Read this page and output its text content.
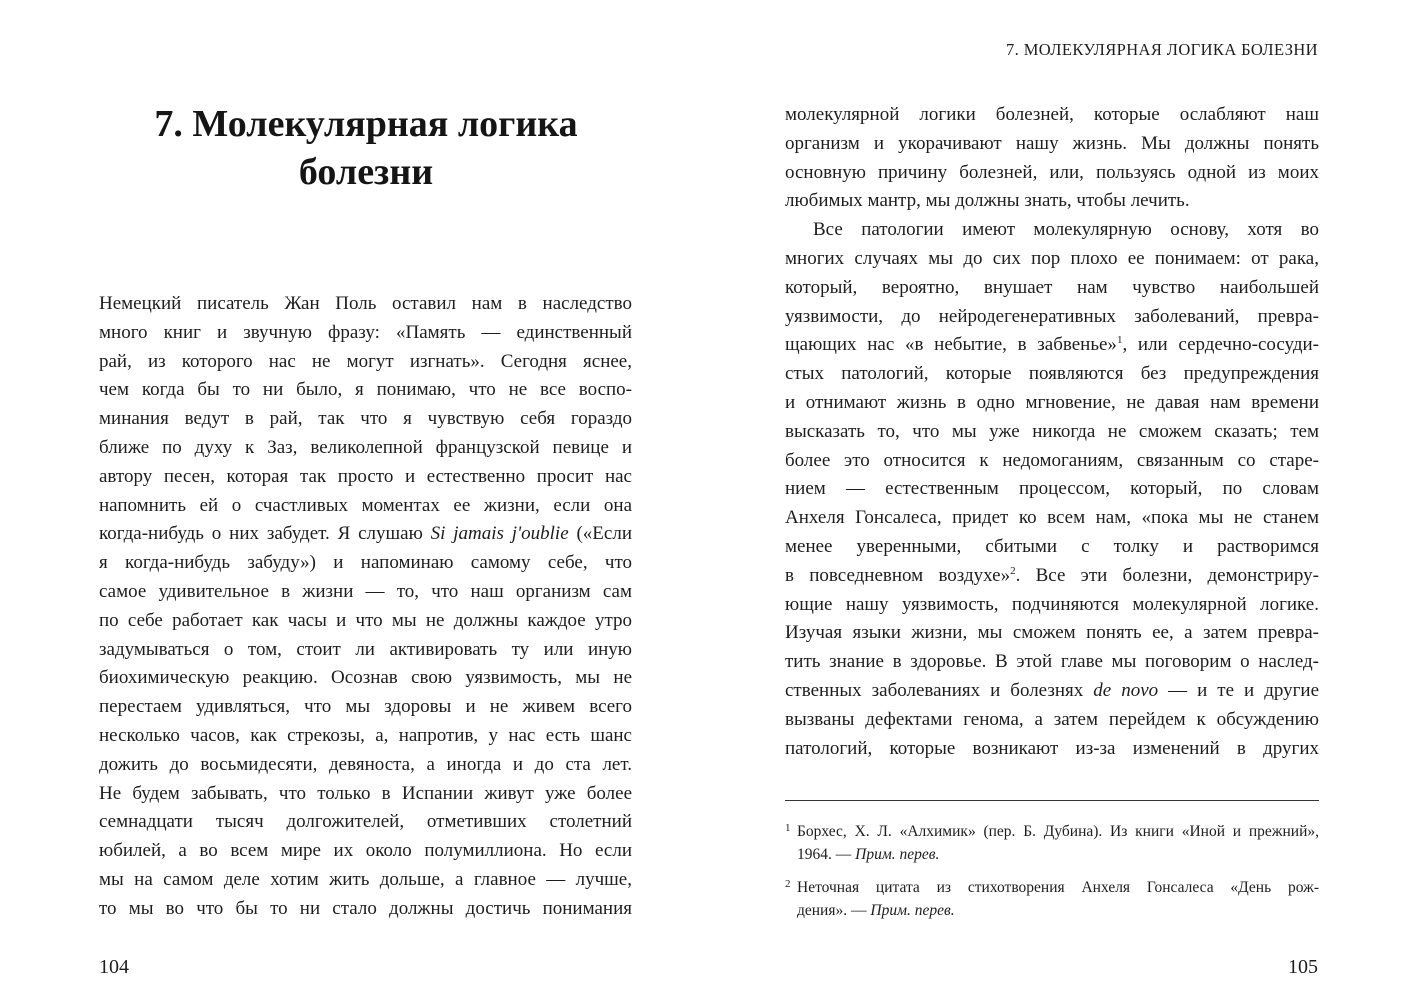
7. Молекулярная логика
болезни

Немецкий писатель Жан Поль оставил нам в наследство
много книг и звучную фразу: «Память — единственный
рай, из которого нас не могут изгнать». Сегодня яснее,
чем когда бы то ни было, я понимаю, что не все воспо-
минания ведут в рай, так что я чувствую себя гораздо
ближе по духу к Заз, великолепной французской певице и
автору песен, которая так просто и естественно просит нас
напомнить ей о счастливых моментах ее жизни, если она
когда-нибудь о них забудет. Я слушаю Si jamais j'oublie («Если
я когда-нибудь забуду») и напоминаю самому себе, что
самое удивительное в жизни — то, что наш организм сам
по себе работает как часы и что мы не должны каждое утро
задумываться о том, стоит ли активировать ту или иную
биохимическую реакцию. Осознав свою уязвимость, мы не
перестаем удивляться, что мы здоровы и не живем всего
несколько часов, как стрекозы, а, напротив, у нас есть шанс
дожить до восьмидесяти, девяноста, а иногда и до ста лет.
Не будем забывать, что только в Испании живут уже более
семнадцати тысяч долгожителей, отметивших столетний
юбилей, а во всем мире их около полумиллиона. Но если
мы на самом деле хотим жить дольше, а главное — лучше,
то мы во что бы то ни стало должны достичь понимания

104
7. МОЛЕКУЛЯРНАЯ ЛОГИКА БОЛЕЗНИ

молекулярной логики болезней, которые ослабляют наш
организм и укорачивают нашу жизнь. Мы должны понять
основную причину болезней, или, пользуясь одной из моих
любимых мантр, мы должны знать, чтобы лечить.

Все патологии имеют молекулярную основу, хотя во
многих случаях мы до сих пор плохо ее понимаем: от рака,
который, вероятно, внушает нам чувство наибольшей
уязвимости, до нейродегенеративных заболеваний, превра-
щающих нас «в небытие, в забвенье»$^1$, или сердечно-сосуди-
стых патологий, которые появляются без предупреждения
и отнимают жизнь в одно мгновение, не давая нам времени
высказать то, что мы уже никогда не сможем сказать; тем
более это относится к недомоганиям, связанным со старе-
нием — естественным процессом, который, по словам
Анхеля Гонсалеса, придет ко всем нам, «пока мы не станем
менее уверенными, сбитыми с толку и растворимся
в повседневном воздухе»$^2$. Все эти болезни, демонстриру-
ющие нашу уязвимость, подчиняются молекулярной логике.
Изучая языки жизни, мы сможем понять ее, а затем превра-
тить знание в здоровье. В этой главе мы поговорим о наслед-
ственных заболеваниях и болезнях de novo — и те и другие
вызваны дефектами генома, а затем перейдем к обсуждению
патологий, которые возникают из-за изменений в других

1 Борхес, Х. Л. «Алхимик» (пер. Б. Дубина). Из книги «Иной и прежний»,
1964. — Прим. перев.
2 Неточная цитата из стихотворения Анхеля Гонсалеса «День рож-
дения». — Прим. перев.
105
